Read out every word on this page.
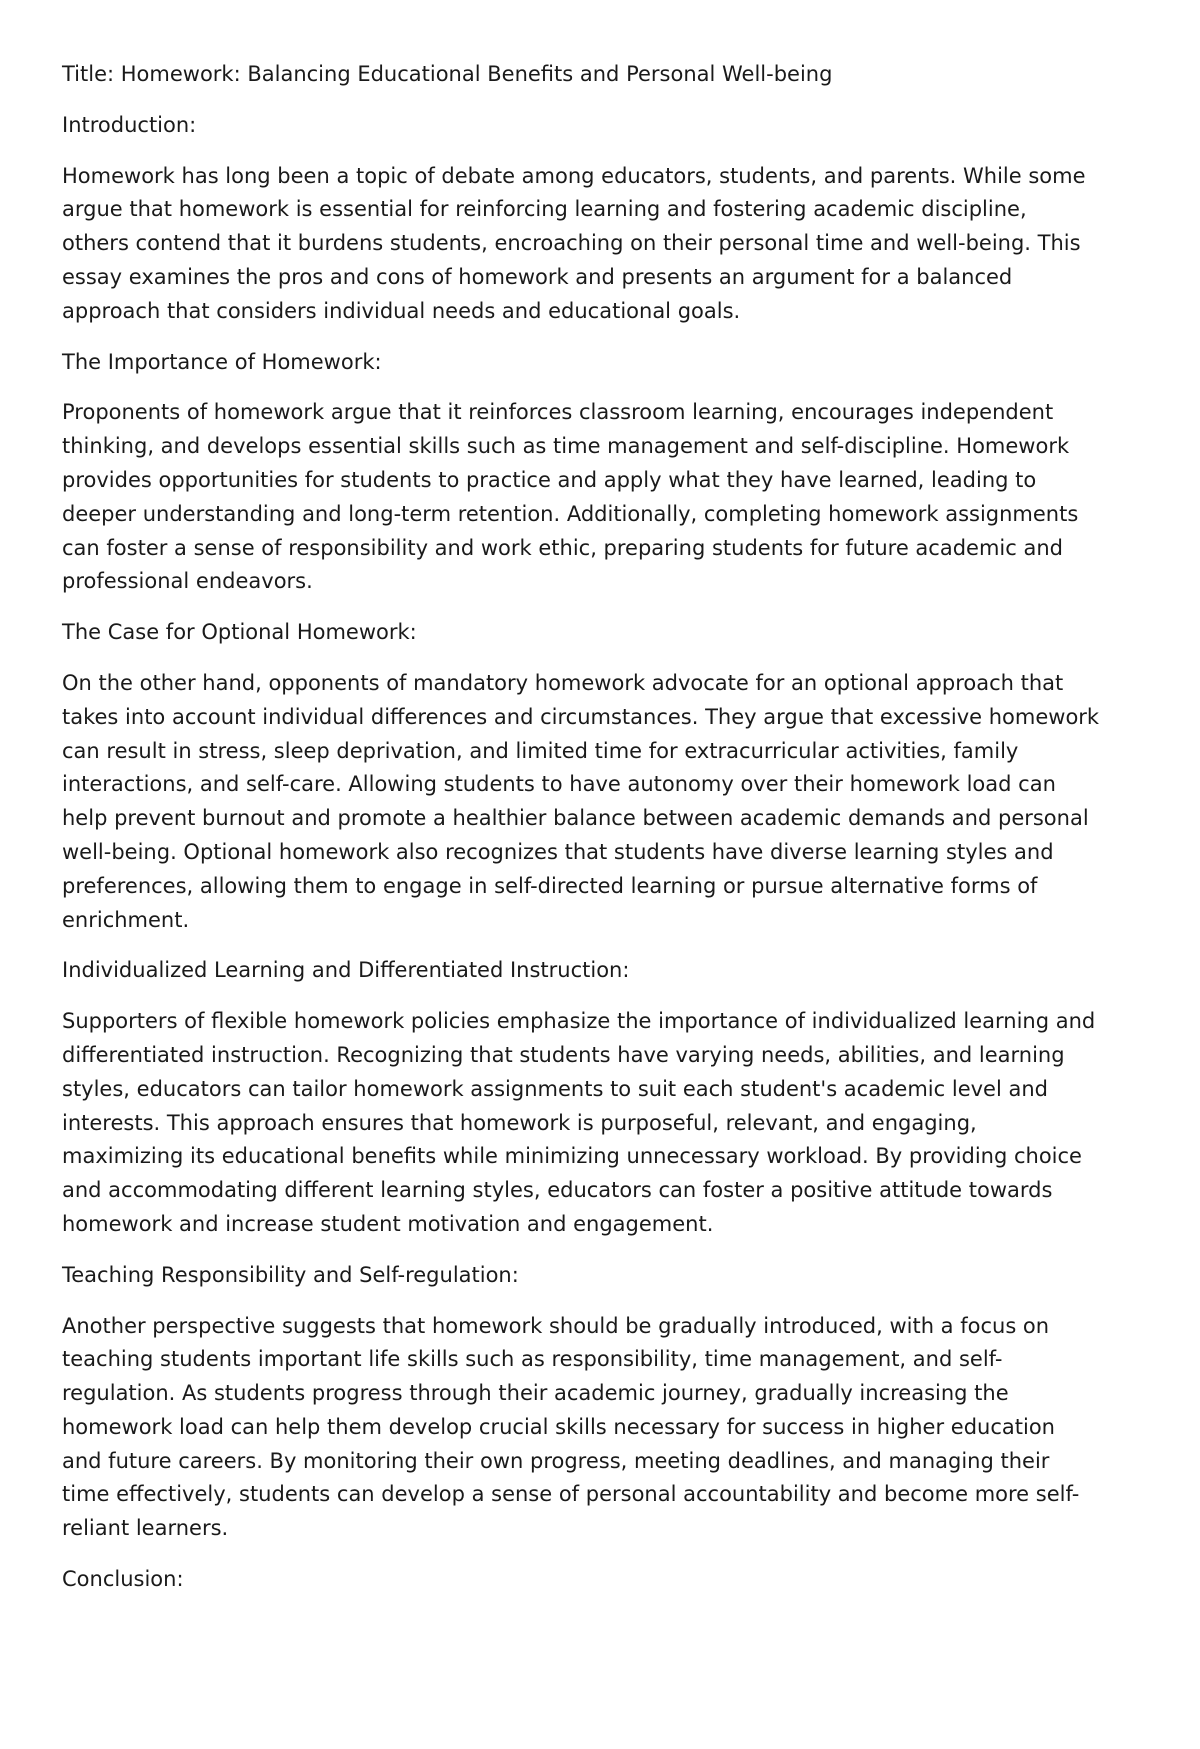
Title: Homework: Balancing Educational Benefits and Personal Well-being

Introduction:

Homework has long been a topic of debate among educators, students, and parents. While some argue that homework is essential for reinforcing learning and fostering academic discipline, others contend that it burdens students, encroaching on their personal time and well-being. This essay examines the pros and cons of homework and presents an argument for a balanced approach that considers individual needs and educational goals.

The Importance of Homework:

Proponents of homework argue that it reinforces classroom learning, encourages independent thinking, and develops essential skills such as time management and self-discipline. Homework provides opportunities for students to practice and apply what they have learned, leading to deeper understanding and long-term retention. Additionally, completing homework assignments can foster a sense of responsibility and work ethic, preparing students for future academic and professional endeavors.

The Case for Optional Homework:

On the other hand, opponents of mandatory homework advocate for an optional approach that takes into account individual differences and circumstances. They argue that excessive homework can result in stress, sleep deprivation, and limited time for extracurricular activities, family interactions, and self-care. Allowing students to have autonomy over their homework load can help prevent burnout and promote a healthier balance between academic demands and personal well-being. Optional homework also recognizes that students have diverse learning styles and preferences, allowing them to engage in self-directed learning or pursue alternative forms of enrichment.

Individualized Learning and Differentiated Instruction:

Supporters of flexible homework policies emphasize the importance of individualized learning and differentiated instruction. Recognizing that students have varying needs, abilities, and learning styles, educators can tailor homework assignments to suit each student's academic level and interests. This approach ensures that homework is purposeful, relevant, and engaging, maximizing its educational benefits while minimizing unnecessary workload. By providing choice and accommodating different learning styles, educators can foster a positive attitude towards homework and increase student motivation and engagement.

Teaching Responsibility and Self-regulation:

Another perspective suggests that homework should be gradually introduced, with a focus on teaching students important life skills such as responsibility, time management, and self-regulation. As students progress through their academic journey, gradually increasing the homework load can help them develop crucial skills necessary for success in higher education and future careers. By monitoring their own progress, meeting deadlines, and managing their time effectively, students can develop a sense of personal accountability and become more self-reliant learners.

Conclusion:
